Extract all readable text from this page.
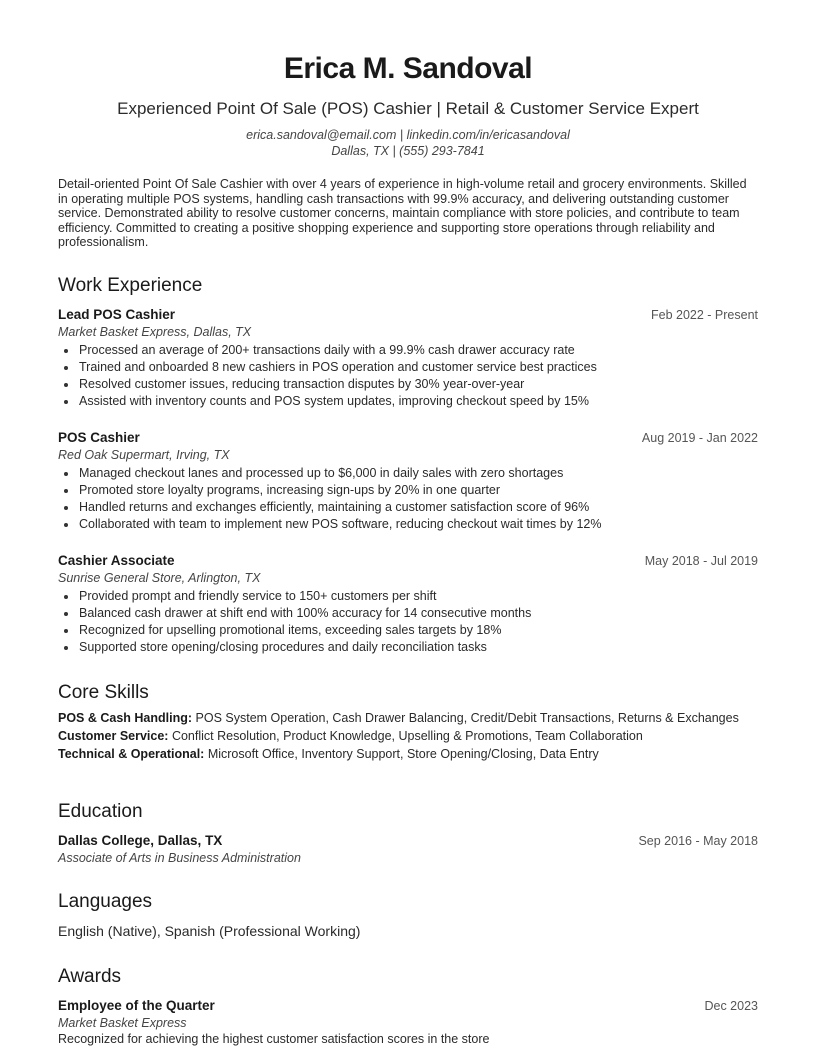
Erica M. Sandoval
Experienced Point Of Sale (POS) Cashier | Retail & Customer Service Expert
erica.sandoval@email.com | linkedin.com/in/ericasandoval
Dallas, TX | (555) 293-7841
Detail-oriented Point Of Sale Cashier with over 4 years of experience in high-volume retail and grocery environments. Skilled in operating multiple POS systems, handling cash transactions with 99.9% accuracy, and delivering outstanding customer service. Demonstrated ability to resolve customer concerns, maintain compliance with store policies, and contribute to team efficiency. Committed to creating a positive shopping experience and supporting store operations through reliability and professionalism.
Work Experience
Lead POS Cashier	Feb 2022 - Present
Market Basket Express, Dallas, TX
Processed an average of 200+ transactions daily with a 99.9% cash drawer accuracy rate
Trained and onboarded 8 new cashiers in POS operation and customer service best practices
Resolved customer issues, reducing transaction disputes by 30% year-over-year
Assisted with inventory counts and POS system updates, improving checkout speed by 15%
POS Cashier	Aug 2019 - Jan 2022
Red Oak Supermart, Irving, TX
Managed checkout lanes and processed up to $6,000 in daily sales with zero shortages
Promoted store loyalty programs, increasing sign-ups by 20% in one quarter
Handled returns and exchanges efficiently, maintaining a customer satisfaction score of 96%
Collaborated with team to implement new POS software, reducing checkout wait times by 12%
Cashier Associate	May 2018 - Jul 2019
Sunrise General Store, Arlington, TX
Provided prompt and friendly service to 150+ customers per shift
Balanced cash drawer at shift end with 100% accuracy for 14 consecutive months
Recognized for upselling promotional items, exceeding sales targets by 18%
Supported store opening/closing procedures and daily reconciliation tasks
Core Skills
POS & Cash Handling: POS System Operation, Cash Drawer Balancing, Credit/Debit Transactions, Returns & Exchanges
Customer Service: Conflict Resolution, Product Knowledge, Upselling & Promotions, Team Collaboration
Technical & Operational: Microsoft Office, Inventory Support, Store Opening/Closing, Data Entry
Education
Dallas College, Dallas, TX	Sep 2016 - May 2018
Associate of Arts in Business Administration
Languages
English (Native), Spanish (Professional Working)
Awards
Employee of the Quarter	Dec 2023
Market Basket Express
Recognized for achieving the highest customer satisfaction scores in the store
